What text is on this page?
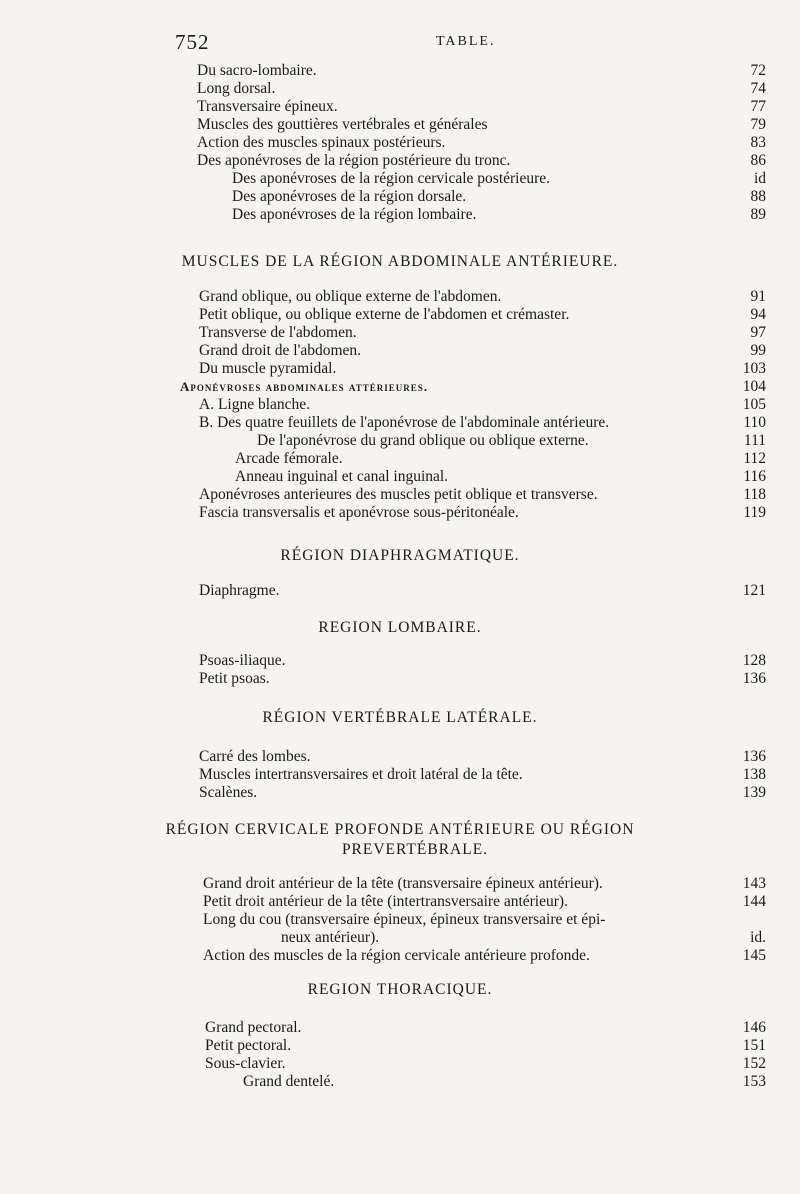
752	TABLE.
Du sacro-lombaire.	72
Long dorsal.	74
Transversaire épineux.	77
Muscles des gouttières vertébrales et générales	79
Action des muscles spinaux postérieurs.	83
Des aponévroses de la région postérieure du tronc.	86
Des aponévroses de la région cervicale postérieure.	id
Des aponévroses de la région dorsale.	88
Des aponévroses de la région lombaire.	89
MUSCLES DE LA RÉGION ABDOMINALE ANTÉRIEURE.
Grand oblique, ou oblique externe de l'abdomen.	91
Petit oblique, ou oblique externe de l'abdomen et crémaster.	94
Transverse de l'abdomen.	97
Grand droit de l'abdomen.	99
Du muscle pyramidal.	103
Aponévroses abdominales attérieures.	104
A. Ligne blanche.	105
B. Des quatre feuillets de l'aponévrose de l'abdominale antérieure.	110
De l'aponévrose du grand oblique ou oblique externe.	111
Arcade fémorale.	112
Anneau inguinal et canal inguinal.	116
Aponévroses anterieures des muscles petit oblique et transverse.	118
Fascia transversalis et aponévrose sous-péritonéale.	119
RÉGION DIAPHRAGMATIQUE.
Diaphragme.	121
REGION LOMBAIRE.
Psoas-iliaque.	128
Petit psoas.	136
RÉGION VERTÉBRALE LATÉRALE.
Carré des lombes.	136
Muscles intertransversaires et droit latéral de la tête.	138
Scalènes.	139
RÉGION CERVICALE PROFONDE ANTÉRIEURE OU RÉGION
PREVERTÉBRALE.
Grand droit antérieur de la tête (transversaire épineux antérieur).	143
Petit droit antérieur de la tête (intertransversaire antérieur).	144
Long du cou (transversaire épineux, épineux transversaire et épi-
neux antérieur).	id.
Action des muscles de la région cervicale antérieure profonde.	145
REGION THORACIQUE.
Grand pectoral.	146
Petit pectoral.	151
Sous-clavier.	152
Grand dentelé.	153
